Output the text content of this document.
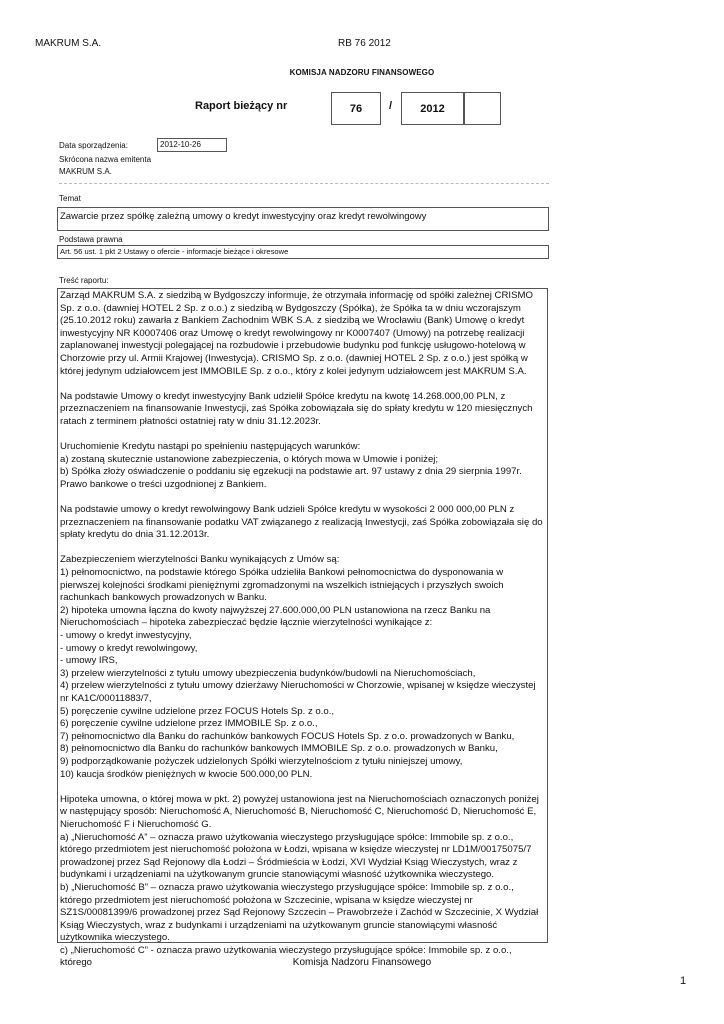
MAKRUM S.A.	RB 76 2012
KOMISJA NADZORU FINANSOWEGO
Raport bieżący nr	76 /	2012
Data sporządzenia:	2012-10-26
Skrócona nazwa emitenta
MAKRUM S.A.
Temat
Zawarcie przez spółkę zależną umowy o kredyt inwestycyjny oraz kredyt rewolwingowy
Podstawa prawna
Art. 56 ust. 1 pkt 2 Ustawy o ofercie - informacje bieżące i okresowe
Treść raportu:

Zarząd MAKRUM S.A. z siedzibą w Bydgoszczy informuje, że otrzymała informację od spółki zależnej CRISMO Sp. z o.o. (dawniej HOTEL 2 Sp. z o.o.) z siedzibą w Bydgoszczy (Spółka), że Spółka ta w dniu wczorajszym (25.10.2012 roku) zawarła z Bankiem Zachodnim WBK S.A. z siedzibą we Wrocławiu (Bank) Umowę o kredyt inwestycyjny NR K0007406 oraz Umowę o kredyt rewolwingowy nr K0007407 (Umowy) na potrzebę realizacji zaplanowanej inwestycji polegającej na rozbudowie i przebudowie budynku pod funkcję usługowo-hotelową w Chorzowie przy ul. Armii Krajowej (Inwestycja). CRISMO Sp. z o.o. (dawniej HOTEL 2 Sp. z o.o.) jest spółką w której jedynym udziałowcem jest IMMOBILE Sp. z o.o., który z kolei jedynym udziałowcem jest MAKRUM S.A.

Na podstawie Umowy o kredyt inwestycyjny Bank udzielił Spółce kredytu na kwotę 14.268.000,00 PLN, z przeznaczeniem na finansowanie Inwestycji, zaś Spółka zobowiązała się do spłaty kredytu w 120 miesięcznych ratach z terminem płatności ostatniej raty w dniu 31.12.2023r.

Uruchomienie Kredytu nastąpi po spełnieniu następujących warunków:
a) zostaną skutecznie ustanowione zabezpieczenia, o których mowa w Umowie i poniżej;
b) Spółka złoży oświadczenie o poddaniu się egzekucji na podstawie art. 97 ustawy z dnia 29 sierpnia 1997r. Prawo bankowe o treści uzgodnionej z Bankiem.

Na podstawie umowy o kredyt rewolwingowy Bank udzieli Spółce kredytu w wysokości 2 000 000,00 PLN z przeznaczeniem na finansowanie podatku VAT związanego z realizacją Inwestycji, zaś Spółka zobowiązała się do spłaty kredytu do dnia 31.12.2013r.

Zabezpieczeniem wierzytelności Banku wynikających z Umów są:
1) pełnomocnictwo, na podstawie którego Spółka udzieliła Bankowi pełnomocnictwa do dysponowania w pierwszej kolejności środkami pieniężnymi zgromadzonymi na wszelkich istniejących i przyszłych swoich rachunkach bankowych prowadzonych w Banku.
2) hipoteka umowna łączna do kwoty najwyższej 27.600.000,00 PLN ustanowiona na rzecz Banku na Nieruchomościach – hipoteka zabezpieczać będzie łącznie wierzytelności wynikające z:
- umowy o kredyt inwestycyjny,
- umowy o kredyt rewolwingowy,
- umowy IRS,
3) przelew wierzytelności z tytułu umowy ubezpieczenia budynków/budowli na Nieruchomościach,
4) przelew wierzytelności z tytułu umowy dzierżawy Nieruchomości w Chorzowie, wpisanej w księdze wieczystej nr KA1C/00011883/7,
5) poręczenie cywilne udzielone przez FOCUS Hotels Sp. z o.o.,
6) poręczenie cywilne udzielone przez IMMOBILE Sp. z o.o.,
7) pełnomocnictwo dla Banku do rachunków bankowych FOCUS Hotels Sp. z o.o. prowadzonych w Banku,
8) pełnomocnictwo dla Banku do rachunków bankowych IMMOBILE Sp. z o.o. prowadzonych w Banku,
9) podporządkowanie pożyczek udzielonych Spółki wierzytelnościom z tytułu niniejszej umowy,
10) kaucja środków pieniężnych w kwocie 500.000,00 PLN.

Hipoteka umowna, o której mowa w pkt. 2) powyżej ustanowiona jest na Nieruchomościach oznaczonych poniżej w następujący sposób: Nieruchomość A, Nieruchomość B, Nieruchomość C, Nieruchomość D, Nieruchomość E, Nieruchomość F i Nieruchomość G.
a) „Nieruchomość A” – oznacza prawo użytkowania wieczystego przysługujące spółce: Immobile sp. z o.o., którego przedmiotem jest nieruchomość położona w Łodzi, wpisana w księdze wieczystej nr LD1M/00175075/7 prowadzonej przez Sąd Rejonowy dla Łodzi – Śródmieścia w Łodzi, XVI Wydział Ksiąg Wieczystych, wraz z budynkami i urządzeniami na użytkowanym gruncie stanowiącymi własność użytkownika wieczystego.
b) „Nieruchomość B” – oznacza prawo użytkowania wieczystego przysługujące spółce: Immobile sp. z o.o., którego przedmiotem jest nieruchomość położona w Szczecinie, wpisana w księdze wieczystej nr SZ1S/00081399/6 prowadzonej przez Sąd Rejonowy Szczecin – Prawobrzeże i Zachód w Szczecinie, X Wydział Ksiąg Wieczystych, wraz z budynkami i urządzeniami na użytkowanym gruncie stanowiącymi własność użytkownika wieczystego.
c) „Nieruchomość C” - oznacza prawo użytkowania wieczystego przysługujące spółce: Immobile sp. z o.o., którego	Komisja Nadzoru Finansowego
1
